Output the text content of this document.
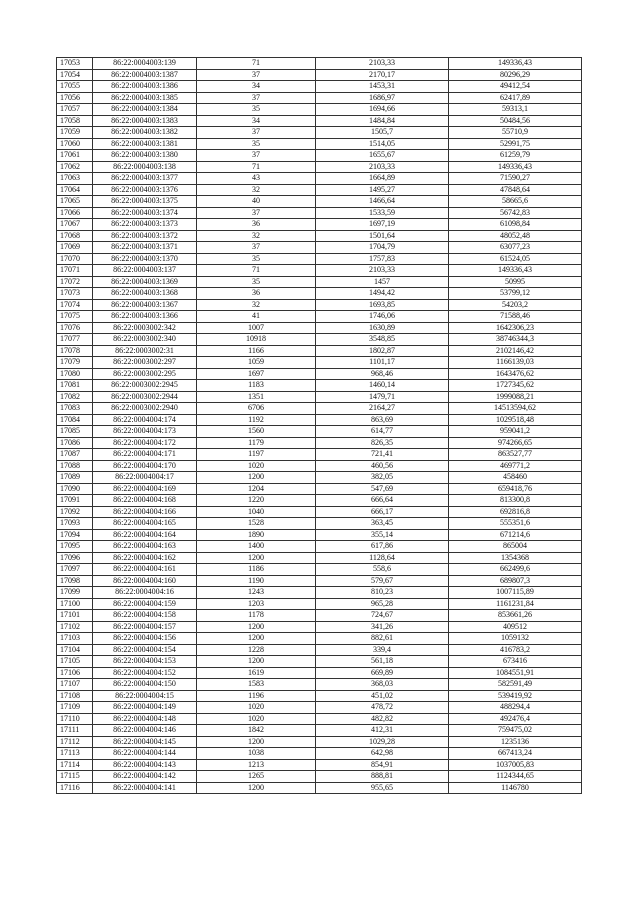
17053	86:22:0004003:139	71	2103,33	149336,43
17054	86:22:0004003:1387	37	2170,17	80296,29
17055	86:22:0004003:1386	34	1453,31	49412,54
17056	86:22:0004003:1385	37	1686,97	62417,89
17057	86:22:0004003:1384	35	1694,66	59313,1
17058	86:22:0004003:1383	34	1484,84	50484,56
17059	86:22:0004003:1382	37	1505,7	55710,9
17060	86:22:0004003:1381	35	1514,05	52991,75
17061	86:22:0004003:1380	37	1655,67	61259,79
17062	86:22:0004003:138	71	2103,33	149336,43
17063	86:22:0004003:1377	43	1664,89	71590,27
17064	86:22:0004003:1376	32	1495,27	47848,64
17065	86:22:0004003:1375	40	1466,64	58665,6
17066	86:22:0004003:1374	37	1533,59	56742,83
17067	86:22:0004003:1373	36	1697,19	61098,84
17068	86:22:0004003:1372	32	1501,64	48052,48
17069	86:22:0004003:1371	37	1704,79	63077,23
17070	86:22:0004003:1370	35	1757,83	61524,05
17071	86:22:0004003:137	71	2103,33	149336,43
17072	86:22:0004003:1369	35	1457	50995
17073	86:22:0004003:1368	36	1494,42	53799,12
17074	86:22:0004003:1367	32	1693,85	54203,2
17075	86:22:0004003:1366	41	1746,06	71588,46
17076	86:22:0003002:342	1007	1630,89	1642306,23
17077	86:22:0003002:340	10918	3548,85	38746344,3
17078	86:22:0003002:31	1166	1802,87	2102146,42
17079	86:22:0003002:297	1059	1101,17	1166139,03
17080	86:22:0003002:295	1697	968,46	1643476,62
17081	86:22:0003002:2945	1183	1460,14	1727345,62
17082	86:22:0003002:2944	1351	1479,71	1999088,21
17083	86:22:0003002:2940	6706	2164,27	14513594,62
17084	86:22:0004004:174	1192	863,69	1029518,48
17085	86:22:0004004:173	1560	614,77	959041,2
17086	86:22:0004004:172	1179	826,35	974266,65
17087	86:22:0004004:171	1197	721,41	863527,77
17088	86:22:0004004:170	1020	460,56	469771,2
17089	86:22:0004004:17	1200	382,05	458460
17090	86:22:0004004:169	1204	547,69	659418,76
17091	86:22:0004004:168	1220	666,64	813300,8
17092	86:22:0004004:166	1040	666,17	692816,8
17093	86:22:0004004:165	1528	363,45	555351,6
17094	86:22:0004004:164	1890	355,14	671214,6
17095	86:22:0004004:163	1400	617,86	865004
17096	86:22:0004004:162	1200	1128,64	1354368
17097	86:22:0004004:161	1186	558,6	662499,6
17098	86:22:0004004:160	1190	579,67	689807,3
17099	86:22:0004004:16	1243	810,23	1007115,89
17100	86:22:0004004:159	1203	965,28	1161231,84
17101	86:22:0004004:158	1178	724,67	853661,26
17102	86:22:0004004:157	1200	341,26	409512
17103	86:22:0004004:156	1200	882,61	1059132
17104	86:22:0004004:154	1228	339,4	416783,2
17105	86:22:0004004:153	1200	561,18	673416
17106	86:22:0004004:152	1619	669,89	1084551,91
17107	86:22:0004004:150	1583	368,03	582591,49
17108	86:22:0004004:15	1196	451,02	539419,92
17109	86:22:0004004:149	1020	478,72	488294,4
17110	86:22:0004004:148	1020	482,82	492476,4
17111	86:22:0004004:146	1842	412,31	759475,02
17112	86:22:0004004:145	1200	1029,28	1235136
17113	86:22:0004004:144	1038	642,98	667413,24
17114	86:22:0004004:143	1213	854,91	1037005,83
17115	86:22:0004004:142	1265	888,81	1124344,65
17116	86:22:0004004:141	1200	955,65	1146780
